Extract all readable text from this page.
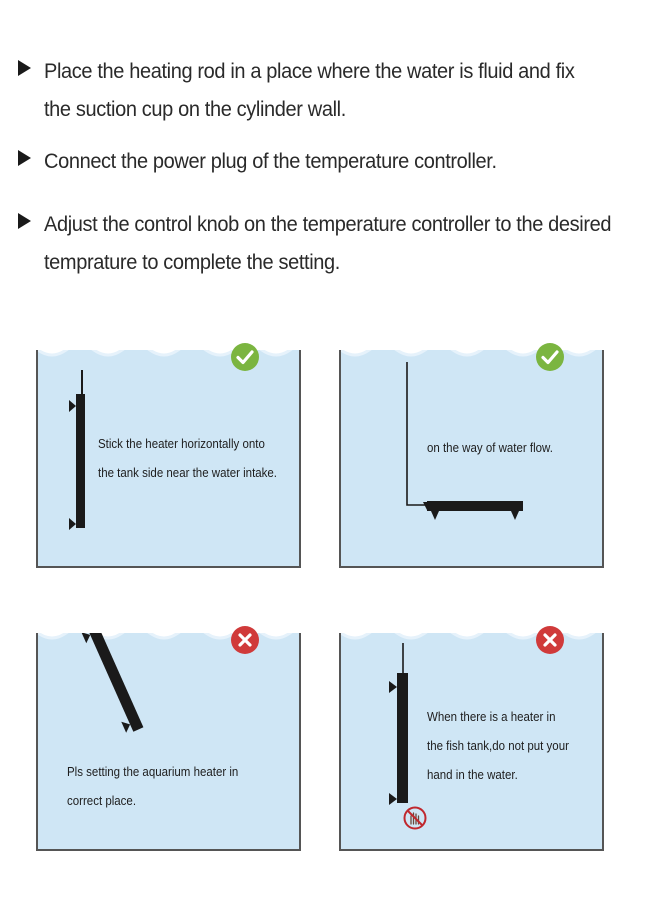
Place the heating rod in a place where the water is fluid and fix
the suction cup on the cylinder wall.
Connect the power plug of the temperature controller.
Adjust the control knob on the temperature controller to the desired
temprature to complete the setting.
Stick the heater horizontally onto
the tank side near the water intake.
on the way of water flow.
Pls setting the aquarium heater in
correct place.
When there is a heater in
the fish tank,do not put your
hand in the water.
